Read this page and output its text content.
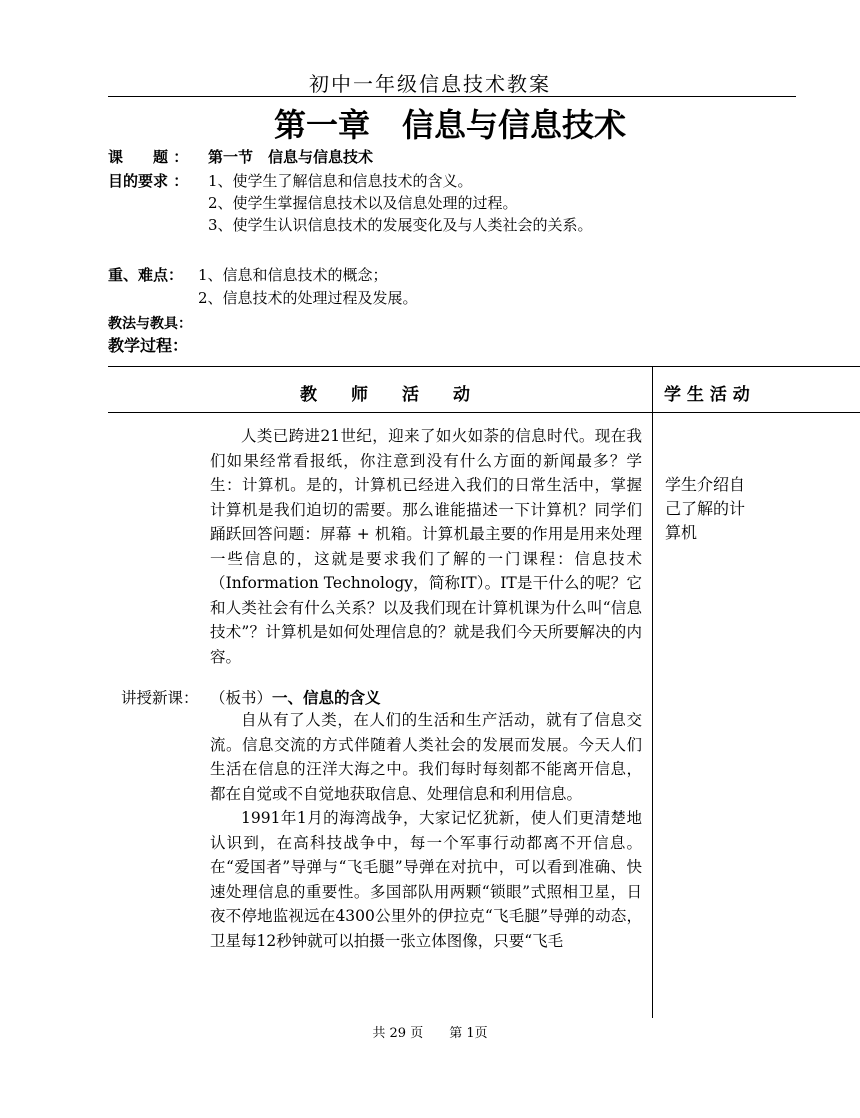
初中一年级信息技术教案
第一章　信息与信息技术
课　　题 ： 第一节　信息与信息技术
目的要求 ： 1、使学生了解信息和信息技术的含义。
2、使学生掌握信息技术以及信息处理的过程。
3、使学生认识信息技术的发展变化及与人类社会的关系。
重、难点： 1、信息和信息技术的概念；
2、信息技术的处理过程及发展。
教法与教具：
教学过程：
教　　师　　活　　动	学 生 活 动

人类已跨进21世纪，迎来了如火如荼的信息时代。现在我们如果经常看报纸，你注意到没有什么方面的新闻最多？学生：计算机。是的，计算机已经进入我们的日常生活中，掌握计算机是我们迫切的需要。那么谁能描述一下计算机？同学们踊跃回答问题：屏幕 + 机箱。计算机最主要的作用是用来处理一些信息的，这就是要求我们了解的一门课程：信息技术（Information Technology，简称IT）。IT是干什么的呢？它和人类社会有什么关系？以及我们现在计算机课为什么叫“信息技术”？计算机是如何处理信息的？就是我们今天所要解决的内容。

讲授新课： （板书）一、信息的含义

自从有了人类，在人们的生活和生产活动，就有了信息交流。信息交流的方式伴随着人类社会的发展而发展。今天人们生活在信息的汪洋大海之中。我们每时每刻都不能离开信息，都在自觉或不自觉地获取信息、处理信息和利用信息。

1991年1月的海湾战争，大家记忆犹新，使人们更清楚地认识到，在高科技战争中，每一个军事行动都离不开信息。在“爱国者”导弹与“飞毛腿”导弹在对抗中，可以看到准确、快速处理信息的重要性。多国部队用两颗“锁眼”式照相卫星，日夜不停地监视远在4300公里外的伊拉克“飞毛腿”导弹的动态，卫星每12秒钟就可以拍摄一张立体图像，只要“飞毛

学生介绍自己了解的计算机
共 29 页　　第 1页
